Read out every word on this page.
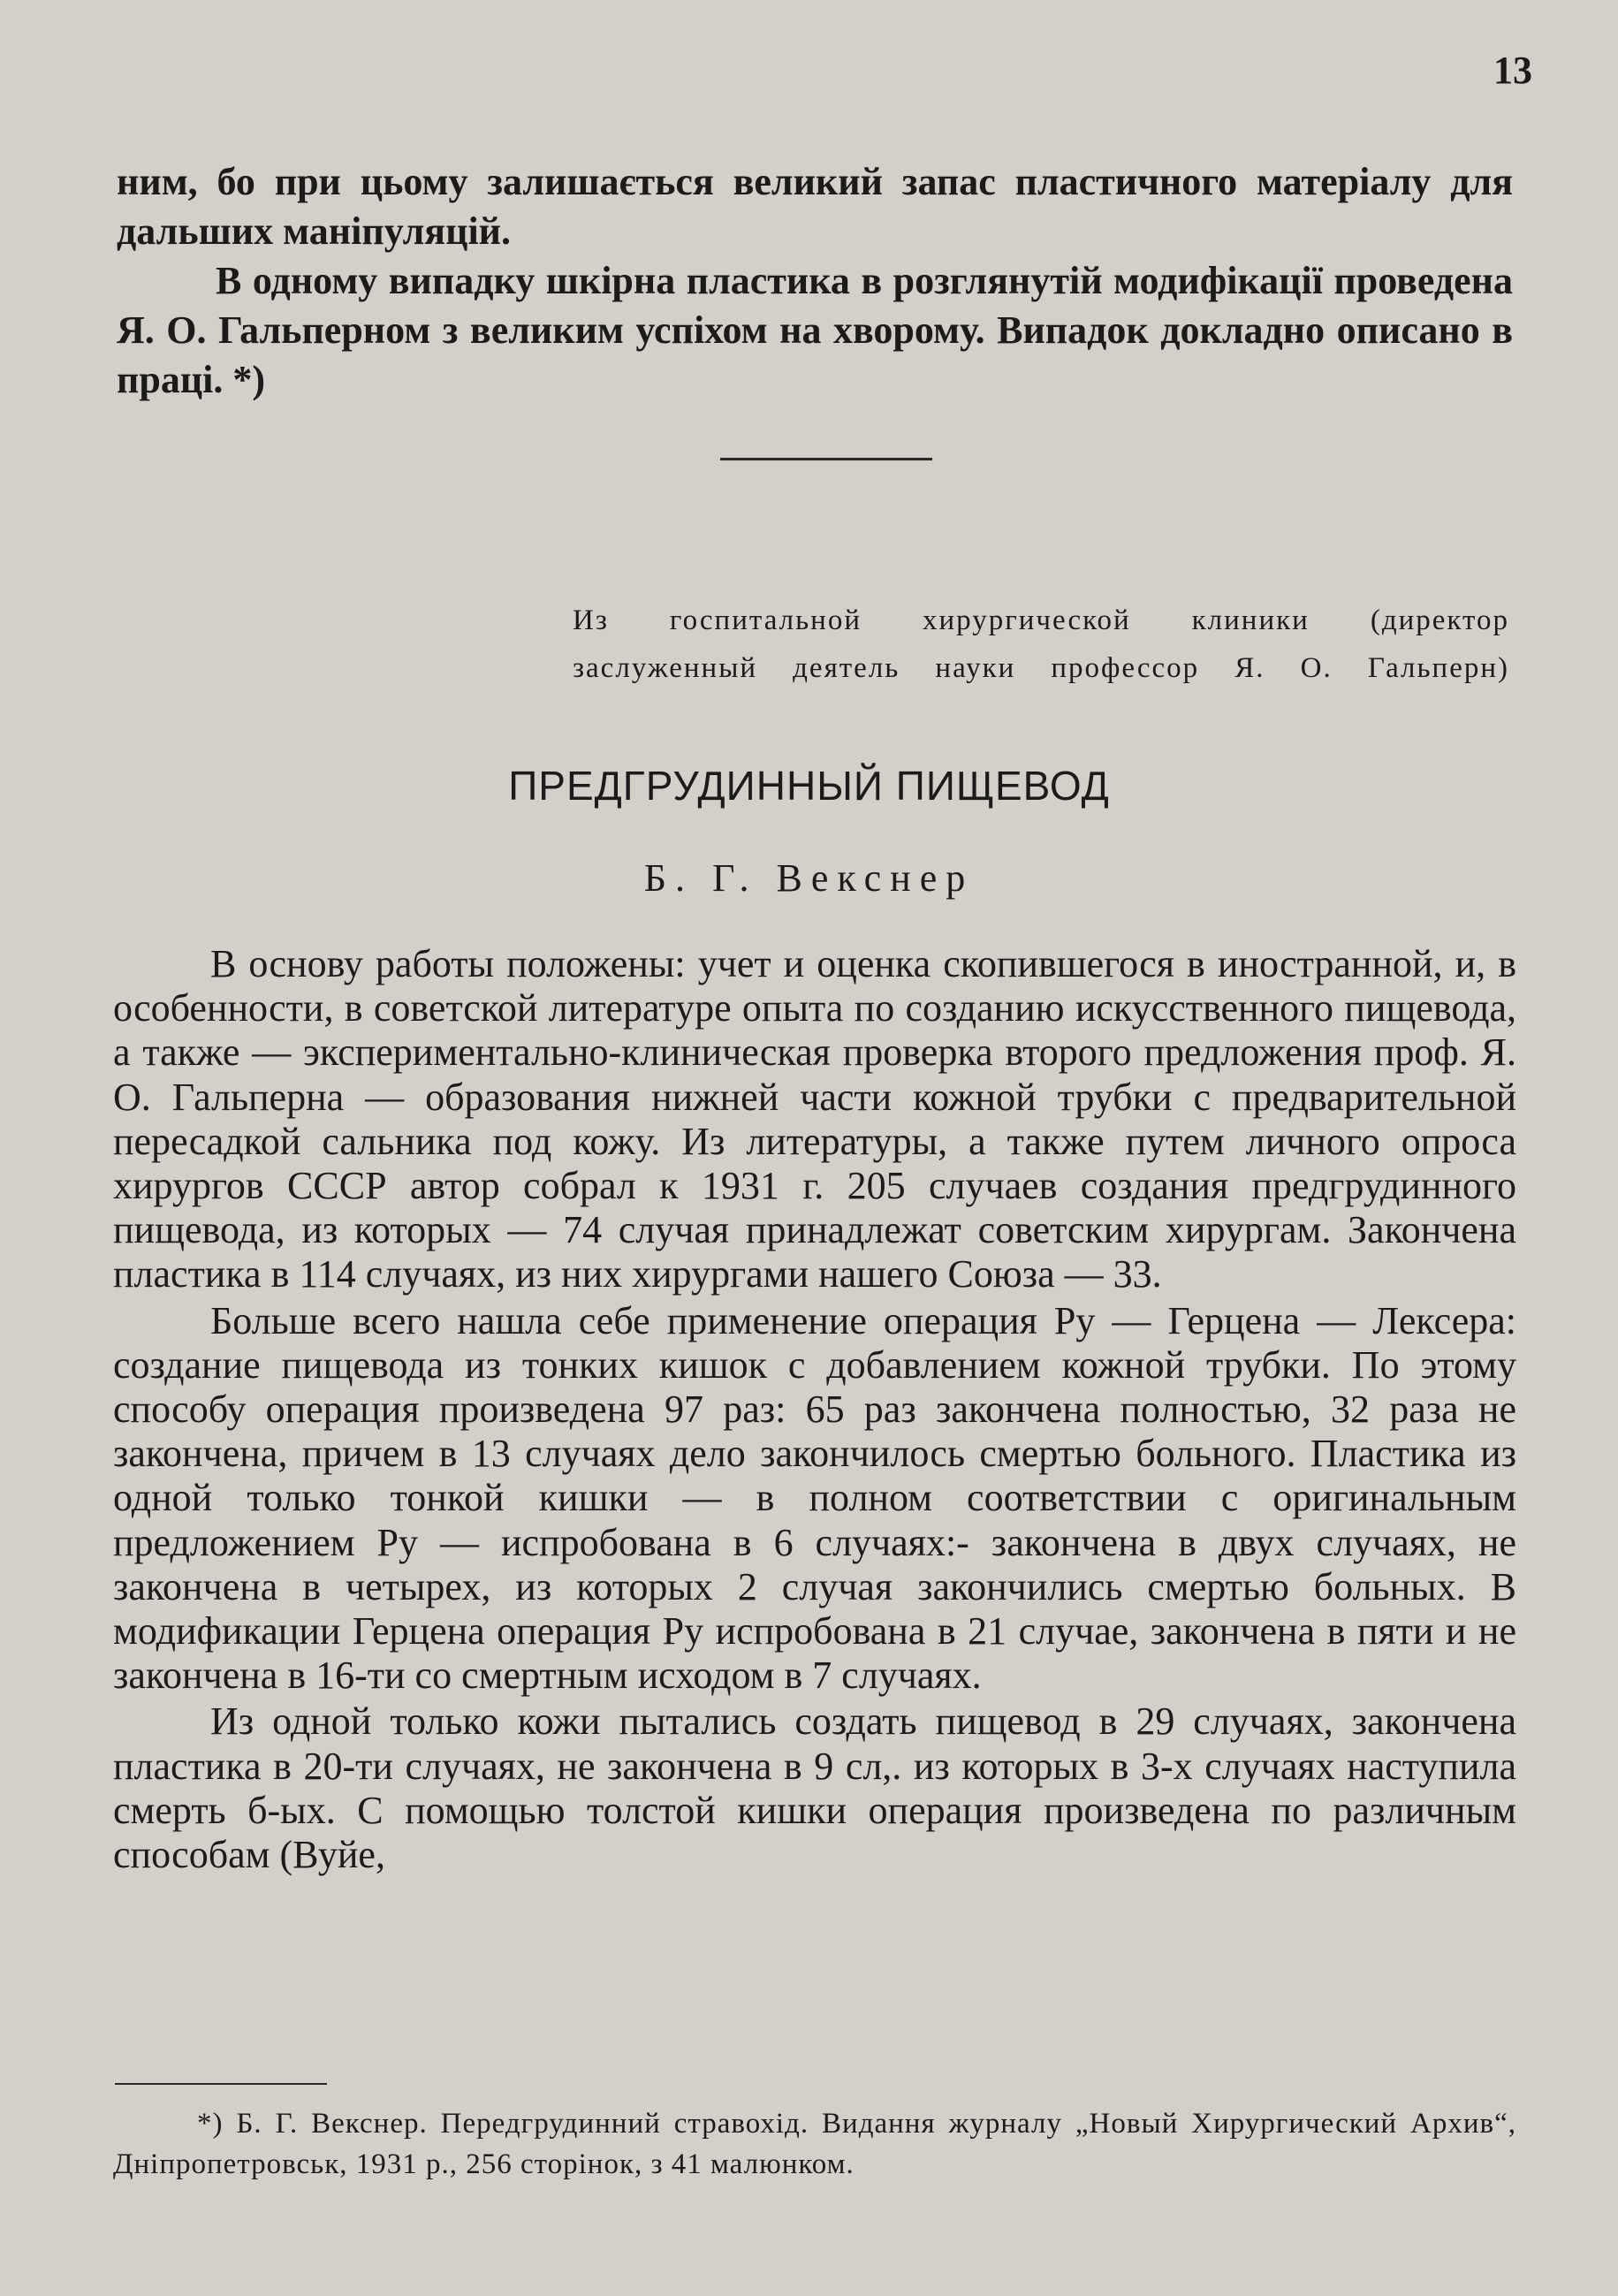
13

ним, бо при цьому залишається великий запас пластичного матеріалу для дальших маніпуляцій.

В одному випадку шкірна пластика в розглянутій модифікації проведена Я. О. Гальперном з великим успіхом на хворому. Випадок докладно описано в праці. *)

Из госпитальной хирургической клиники (директор
заслуженный деятель науки профессор Я. О. Гальперн)
ПРЕДГРУДИННЫЙ ПИЩЕВОД
Б. Г. Векснер

В основу работы положены: учет и оценка скопившегося в иностранной, и, в особенности, в советской литературе опыта по созданию искусственного пищевода, а также — экспериментально-клиническая проверка второго предложения проф. Я. О. Гальперна — образования нижней части кожной трубки с предварительной пересадкой сальника под кожу. Из литературы, а также путем личного опроса хирургов СССР автор собрал к 1931 г. 205 случаев создания предгрудинного пищевода, из которых — 74 случая принадлежат советским хирургам. Закончена пластика в 114 случаях, из них хирургами нашего Союза — 33.

Больше всего нашла себе применение операция Ру — Герцена — Лексера: создание пищевода из тонких кишок с добавлением кожной трубки. По этому способу операция произведена 97 раз: 65 раз закончена полностью, 32 раза не закончена, причем в 13 случаях дело закончилось смертью больного. Пластика из одной только тонкой кишки — в полном соответствии с оригинальным предложением Ру — испробована в 6 случаях:- закончена в двух случаях, не закончена в четырех, из которых 2 случая закончились смертью больных. В модификации Герцена операция Ру испробована в 21 случае, закончена в пяти и не закончена в 16-ти со смертным исходом в 7 случаях.

Из одной только кожи пытались создать пищевод в 29 случаях, закончена пластика в 20-ти случаях, не закончена в 9 сл,. из которых в 3-х случаях наступила смерть б-ых. С помощью толстой кишки операция произведена по различным способам (Вуйе,

*) Б. Г. Векснер. Передгрудинний стравохід. Видання журналу „Новый Хирургический Архив“, Дніпропетровськ, 1931 р., 256 сторінок, з 41 малюнком.
